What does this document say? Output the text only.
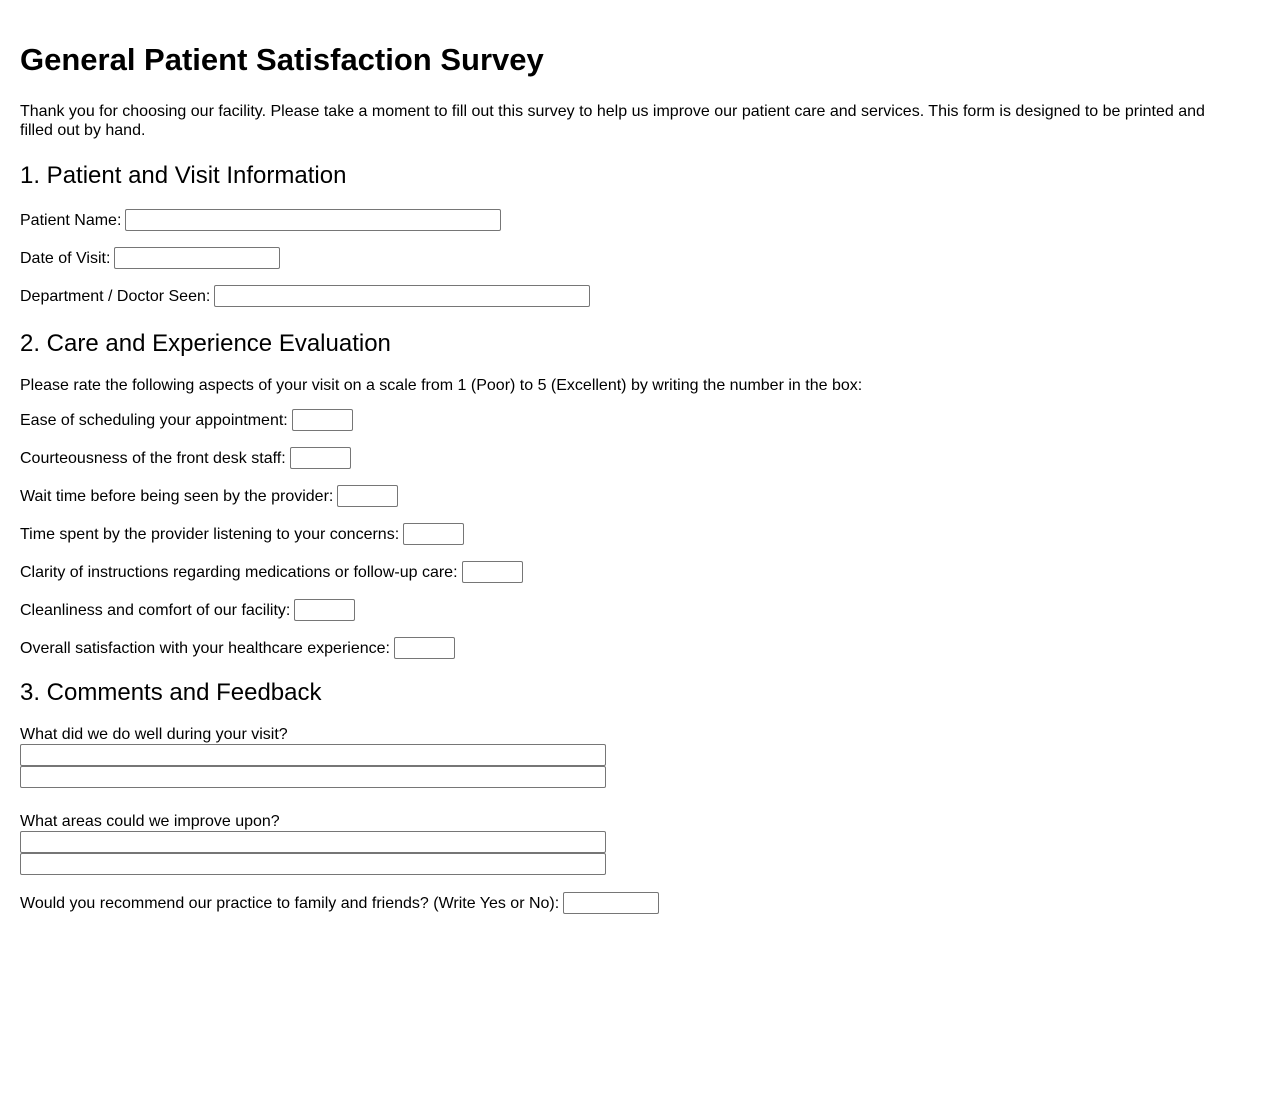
General Patient Satisfaction Survey

Thank you for choosing our facility. Please take a moment to fill out this survey to help us improve our patient care and services. This form is designed to be printed and filled out by hand.

1. Patient and Visit Information
Patient Name:
Date of Visit:
Department / Doctor Seen:
2. Care and Experience Evaluation
Please rate the following aspects of your visit on a scale from 1 (Poor) to 5 (Excellent) by writing the number in the box:
Ease of scheduling your appointment:
Courteousness of the front desk staff:
Wait time before being seen by the provider:
Time spent by the provider listening to your concerns:
Clarity of instructions regarding medications or follow-up care:
Cleanliness and comfort of our facility:
Overall satisfaction with your healthcare experience:
3. Comments and Feedback
What did we do well during your visit?
What areas could we improve upon?
Would you recommend our practice to family and friends? (Write Yes or No):
